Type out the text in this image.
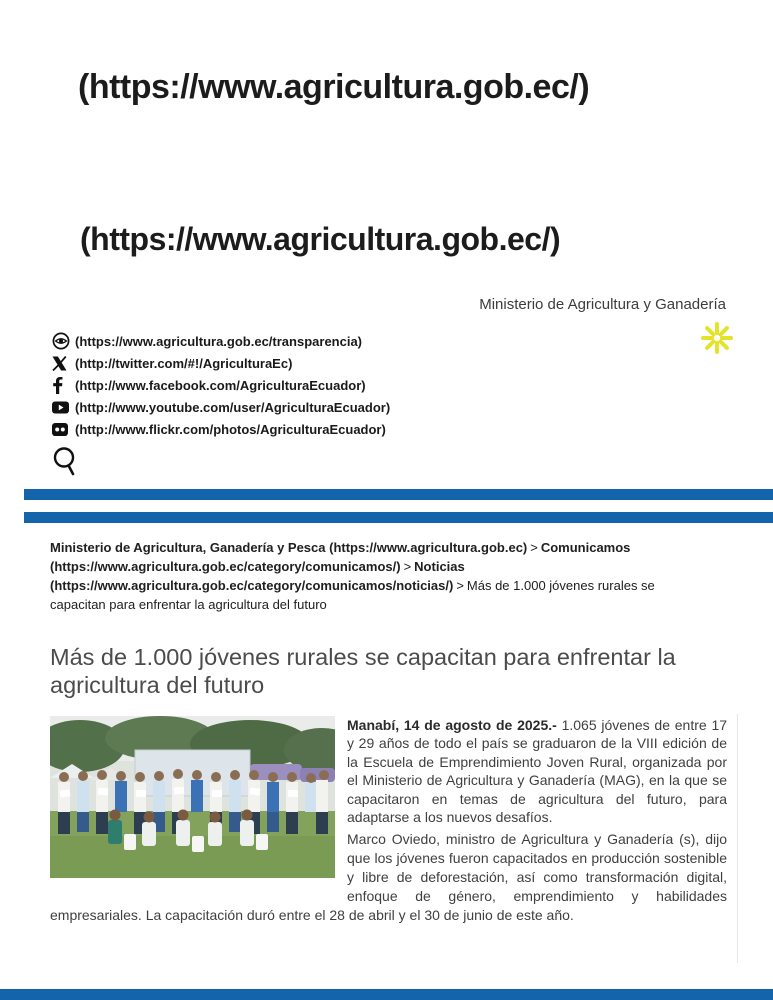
(https://www.agricultura.gob.ec/)
(https://www.agricultura.gob.ec/)
Ministerio de Agricultura y Ganadería
(https://www.agricultura.gob.ec/transparencia)
(http://twitter.com/#!/AgriculturaEc)
(http://www.facebook.com/AgriculturaEcuador)
(http://www.youtube.com/user/AgriculturaEcuador)
(http://www.flickr.com/photos/AgriculturaEcuador)
Ministerio de Agricultura, Ganadería y Pesca (https://www.agricultura.gob.ec) > Comunicamos (https://www.agricultura.gob.ec/category/comunicamos/) > Noticias (https://www.agricultura.gob.ec/category/comunicamos/noticias/) > Más de 1.000 jóvenes rurales se capacitan para enfrentar la agricultura del futuro
Más de 1.000 jóvenes rurales se capacitan para enfrentar la agricultura del futuro

Manabí, 14 de agosto de 2025.- 1.065 jóvenes de entre 17 y 29 años de todo el país se graduaron de la VIII edición de la Escuela de Emprendimiento Joven Rural, organizada por el Ministerio de Agricultura y Ganadería (MAG), en la que se capacitaron en temas de agricultura del futuro, para adaptarse a los nuevos desafíos.

Marco Oviedo, ministro de Agricultura y Ganadería (s), dijo que los jóvenes fueron capacitados en producción sostenible y libre de deforestación, así como transformación digital, enfoque de género, emprendimiento y habilidades empresariales. La capacitación duró entre el 28 de abril y el 30 de junio de este año.
